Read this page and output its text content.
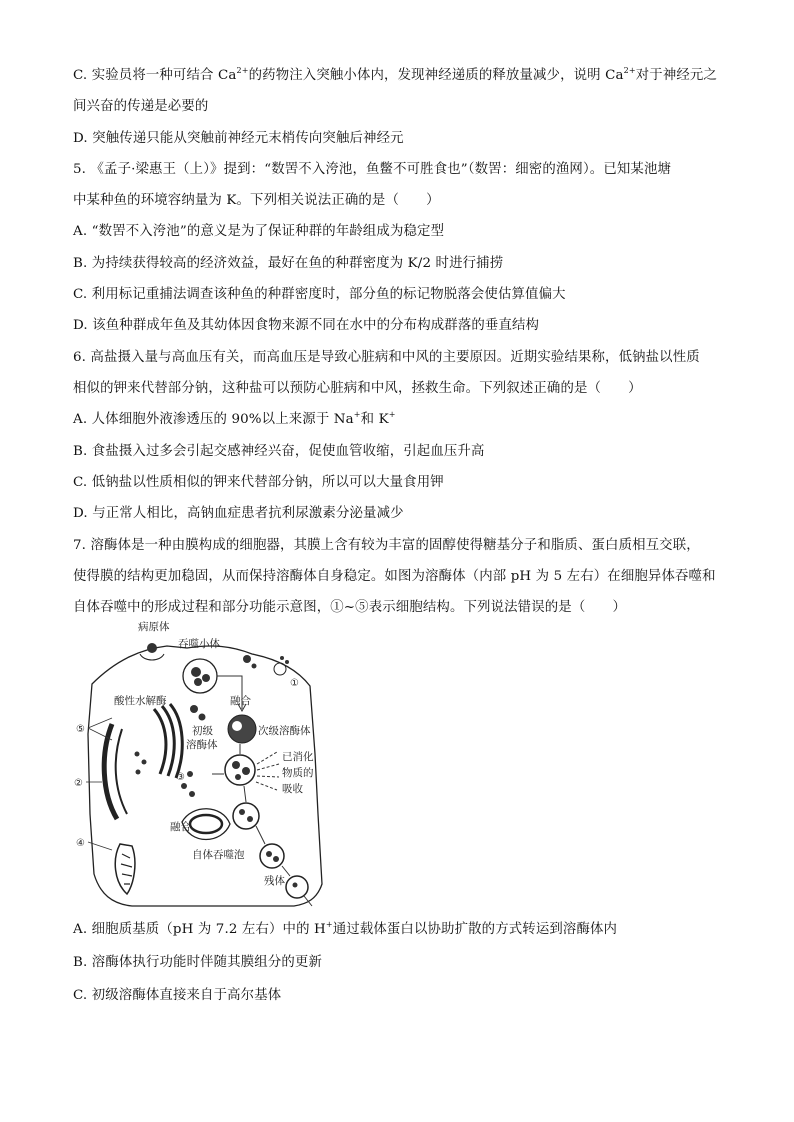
C. 实验员将一种可结合 $Ca^{2+}$的药物注入突触小体内，发现神经递质的释放量减少，说明 $Ca^{2+}$对于神经元之
间兴奋的传递是必要的
D. 突触传递只能从突触前神经元末梢传向突触后神经元
5. 《孟子·梁惠王（上）》提到：“数罟不入洿池，鱼鳖不可胜食也”（数罟：细密的渔网）。已知某池塘
中某种鱼的环境容纳量为 K。下列相关说法正确的是（　　）
A. “数罟不入洿池”的意义是为了保证种群的年龄组成为稳定型
B. 为持续获得较高的经济效益，最好在鱼的种群密度为 K/2 时进行捕捞
C. 利用标记重捕法调查该种鱼的种群密度时，部分鱼的标记物脱落会使估算值偏大
D. 该鱼种群成年鱼及其幼体因食物来源不同在水中的分布构成群落的垂直结构
6. 高盐摄入量与高血压有关，而高血压是导致心脏病和中风的主要原因。近期实验结果称，低钠盐以性质
相似的钾来代替部分钠，这种盐可以预防心脏病和中风，拯救生命。下列叙述正确的是（　　）
A. 人体细胞外液渗透压的 90%以上来源于 Na+和 K+
B. 食盐摄入过多会引起交感神经兴奋，促使血管收缩，引起血压升高
C. 低钠盐以性质相似的钾来代替部分钠，所以可以大量食用钾
D. 与正常人相比，高钠血症患者抗利尿激素分泌量减少
7. 溶酶体是一种由膜构成的细胞器，其膜上含有较为丰富的固醇使得糖基分子和脂质、蛋白质相互交联，
使得膜的结构更加稳固，从而保持溶酶体自身稳定。如图为溶酶体（内部 pH 为 5 左右）在细胞异体吞噬和
自体吞噬中的形成过程和部分功能示意图，①~⑤表示细胞结构。下列说法错误的是（　　）
病原体
吞噬小体
酸性水解酶	融合
初级
溶酶体
次级溶酶体
已消化
物质的
吸收
融合
自体吞噬泡
残体
①
②
③
④
⑤
A. 细胞质基质（pH 为 7.2 左右）中的 H+通过载体蛋白以协助扩散的方式转运到溶酶体内
B. 溶酶体执行功能时伴随其膜组分的更新
C. 初级溶酶体直接来自于高尔基体
